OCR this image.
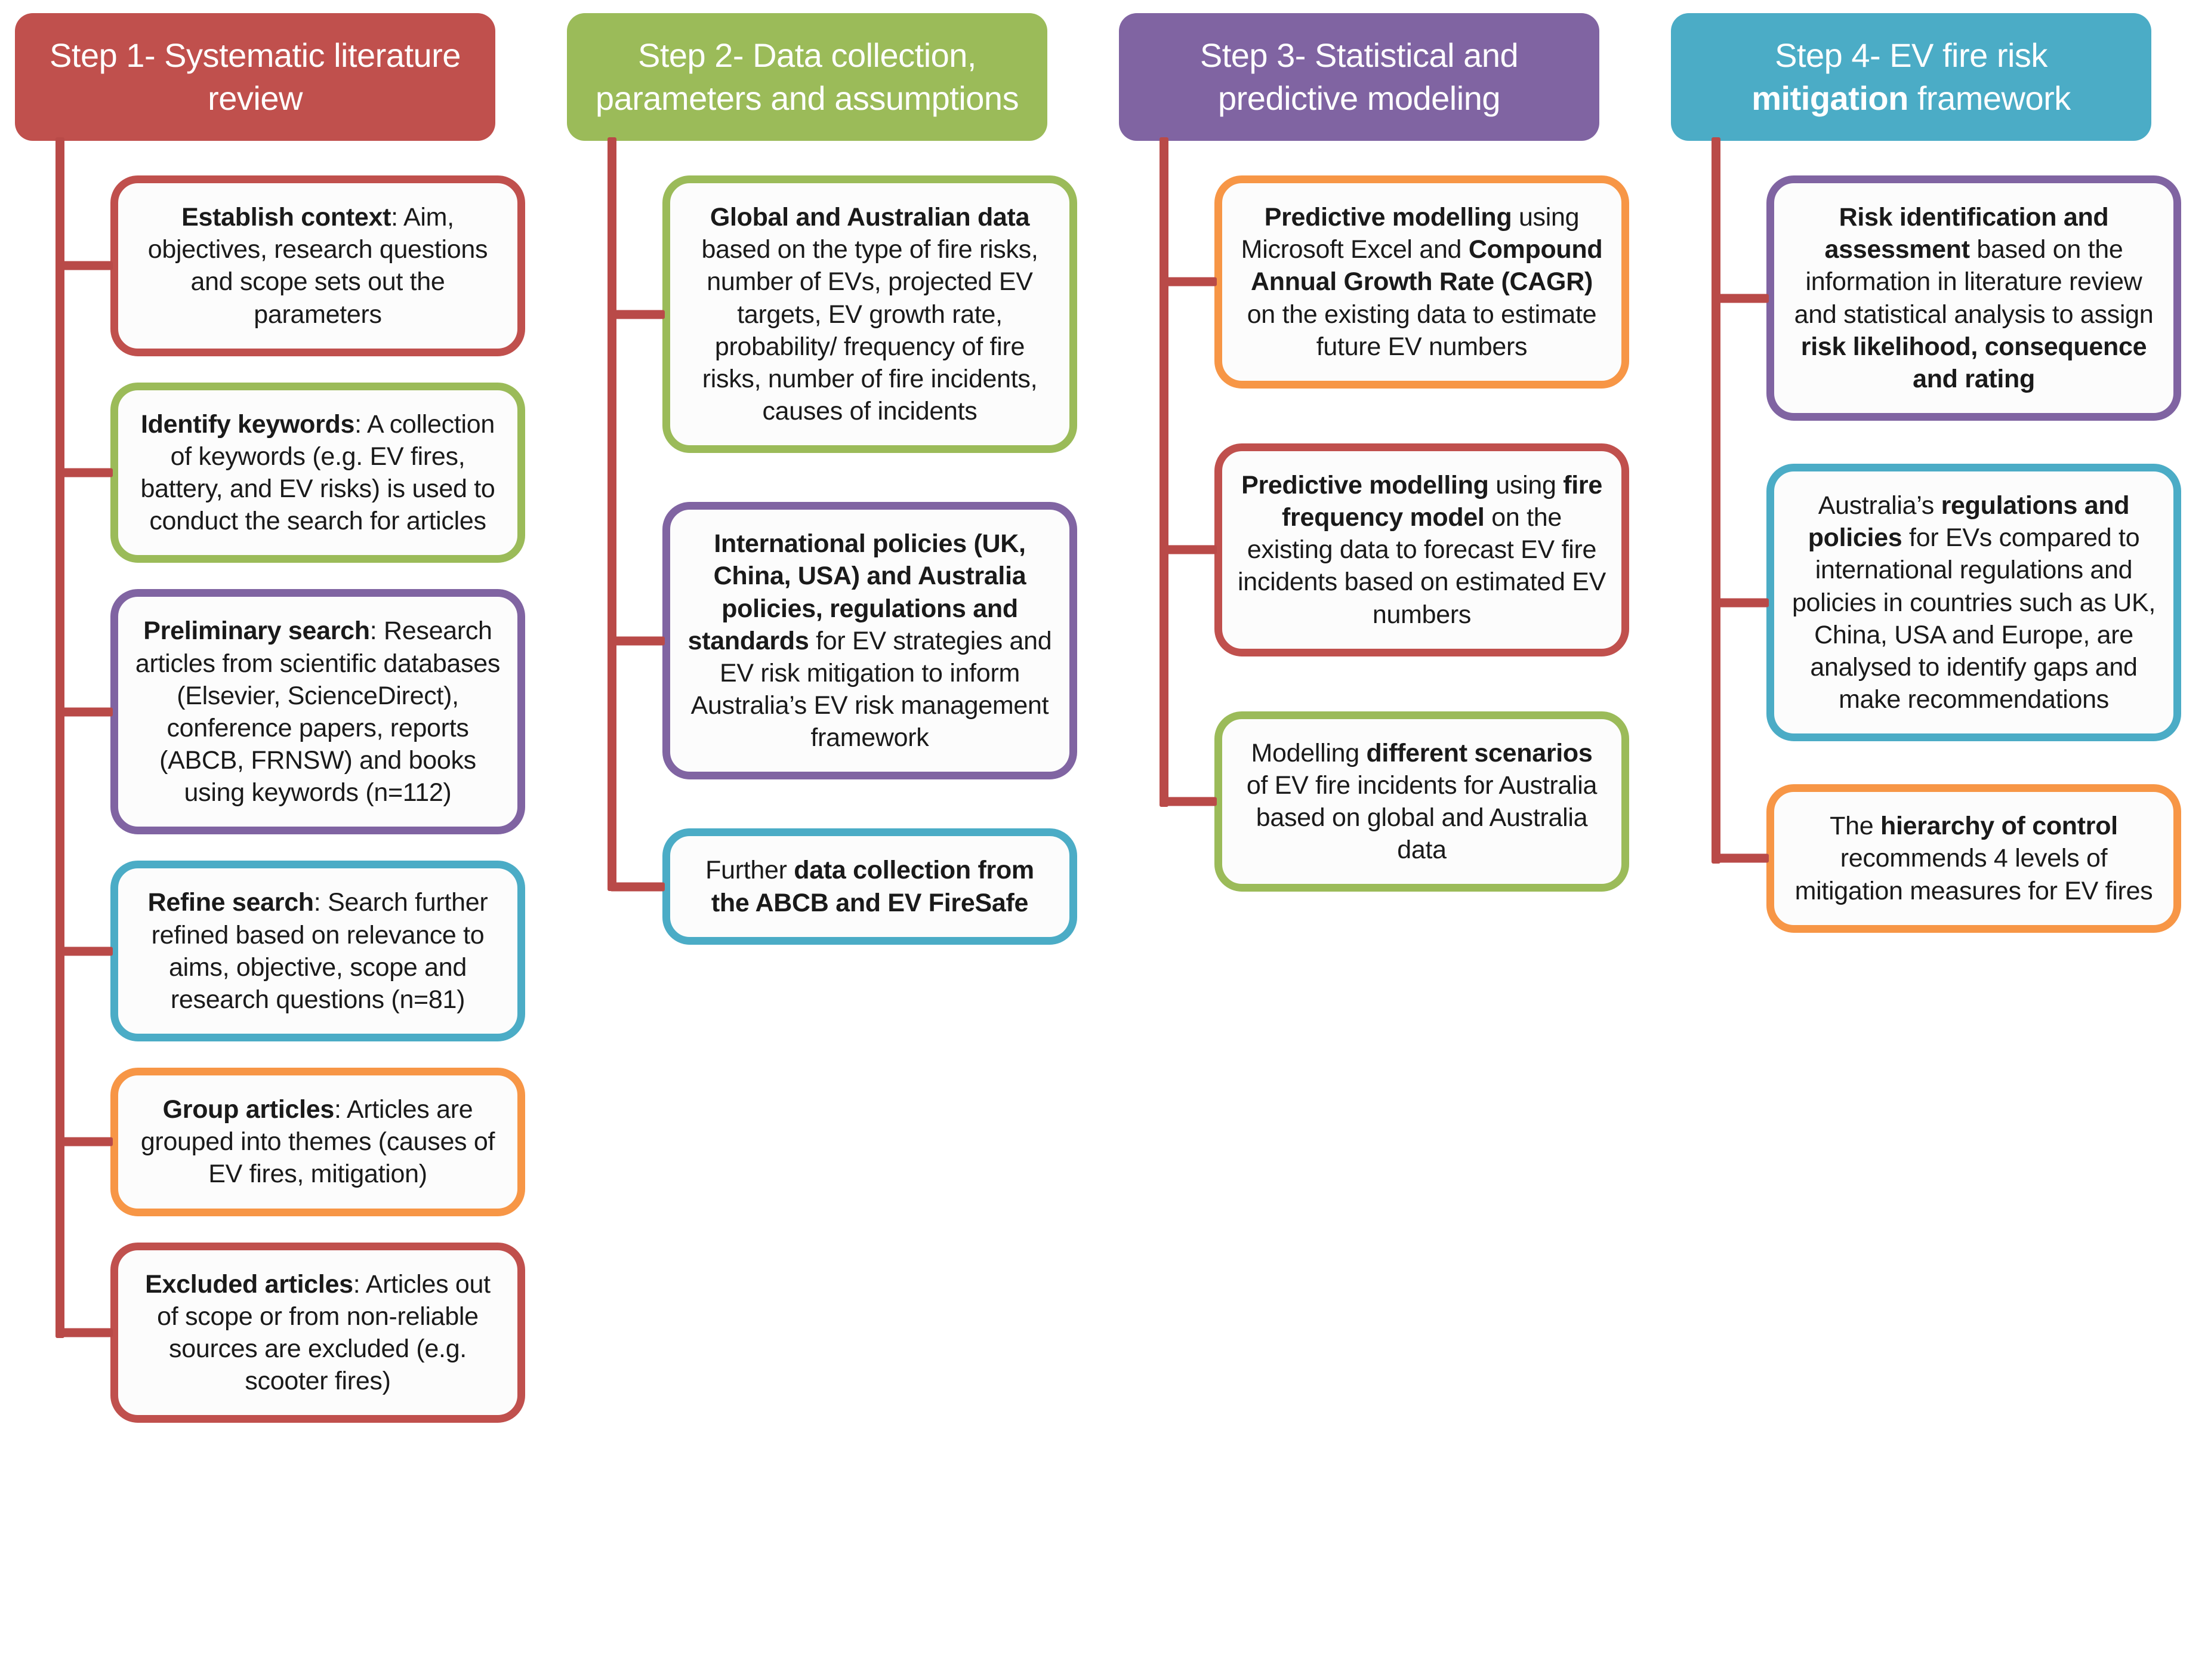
Step 1- Systematic literature review
Establish context: Aim, objectives, research questions and scope sets out the parameters
Identify keywords: A collection of keywords (e.g. EV fires, battery, and EV risks) is used to conduct the search for articles
Preliminary search: Research articles from scientific databases (Elsevier, ScienceDirect), conference papers, reports (ABCB, FRNSW) and books using keywords (n=112)
Refine search: Search further refined based on relevance to aims, objective, scope and research questions (n=81)
Group articles: Articles are grouped into themes (causes of EV fires, mitigation)
Excluded articles: Articles out of scope or from non-reliable sources are excluded (e.g. scooter fires)
Step 2- Data collection, parameters and assumptions
Global and Australian data based on the type of fire risks, number of EVs, projected EV targets, EV growth rate, probability/ frequency of fire risks, number of fire incidents, causes of incidents
International policies (UK, China, USA) and Australia policies, regulations and standards for EV strategies and EV risk mitigation to inform Australia’s EV risk management framework
Further data collection from the ABCB and EV FireSafe
Step 3- Statistical and predictive modeling
Predictive modelling using Microsoft Excel and Compound Annual Growth Rate (CAGR) on the existing data to estimate future EV numbers
Predictive modelling using fire frequency model on the existing data to forecast EV fire incidents based on estimated EV numbers
Modelling different scenarios of EV fire incidents for Australia based on global and Australia data
Step 4- EV fire risk mitigation framework
Risk identification and assessment based on the information in literature review and statistical analysis to assign risk likelihood, consequence and rating
Australia’s regulations and policies for EVs compared to international regulations and policies in countries such as UK, China, USA and Europe, are analysed to identify gaps and make recommendations
The hierarchy of control recommends 4 levels of mitigation measures for EV fires
